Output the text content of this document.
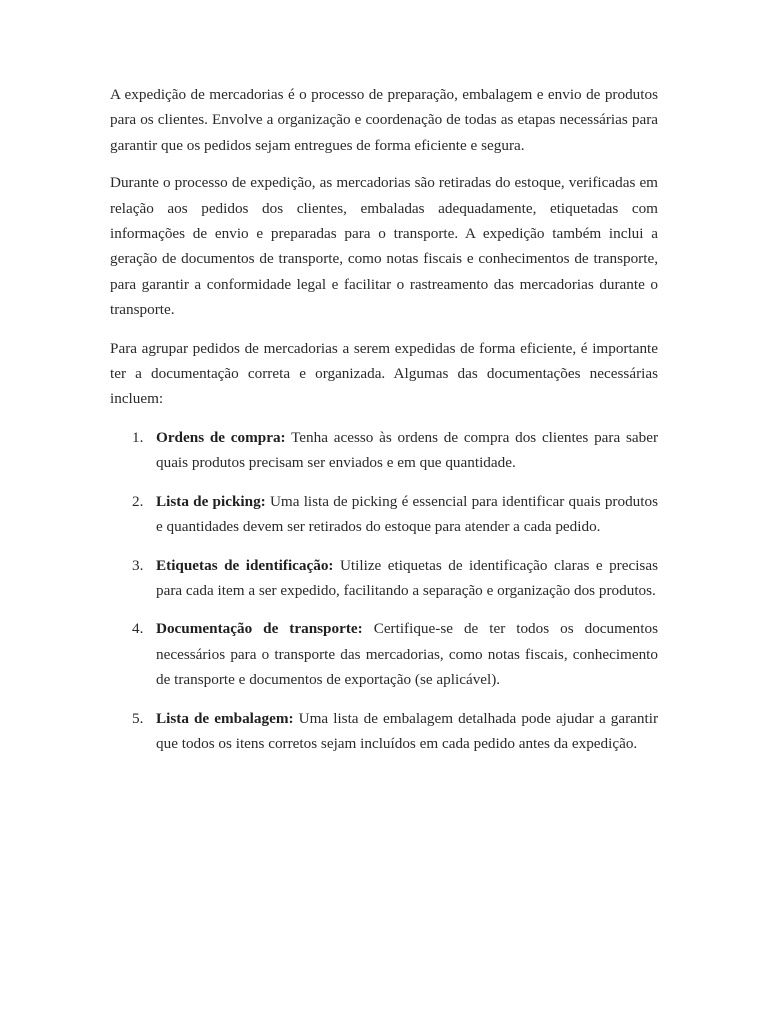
A expedição de mercadorias é o processo de preparação, embalagem e envio de produtos para os clientes. Envolve a organização e coordenação de todas as etapas necessárias para garantir que os pedidos sejam entregues de forma eficiente e segura.

Durante o processo de expedição, as mercadorias são retiradas do estoque, verificadas em relação aos pedidos dos clientes, embaladas adequadamente, etiquetadas com informações de envio e preparadas para o transporte. A expedição também inclui a geração de documentos de transporte, como notas fiscais e conhecimentos de transporte, para garantir a conformidade legal e facilitar o rastreamento das mercadorias durante o transporte.

Para agrupar pedidos de mercadorias a serem expedidas de forma eficiente, é importante ter a documentação correta e organizada. Algumas das documentações necessárias incluem:

1. Ordens de compra: Tenha acesso às ordens de compra dos clientes para saber quais produtos precisam ser enviados e em que quantidade.
2. Lista de picking: Uma lista de picking é essencial para identificar quais produtos e quantidades devem ser retirados do estoque para atender a cada pedido.
3. Etiquetas de identificação: Utilize etiquetas de identificação claras e precisas para cada item a ser expedido, facilitando a separação e organização dos produtos.
4. Documentação de transporte: Certifique-se de ter todos os documentos necessários para o transporte das mercadorias, como notas fiscais, conhecimento de transporte e documentos de exportação (se aplicável).
5. Lista de embalagem: Uma lista de embalagem detalhada pode ajudar a garantir que todos os itens corretos sejam incluídos em cada pedido antes da expedição.
